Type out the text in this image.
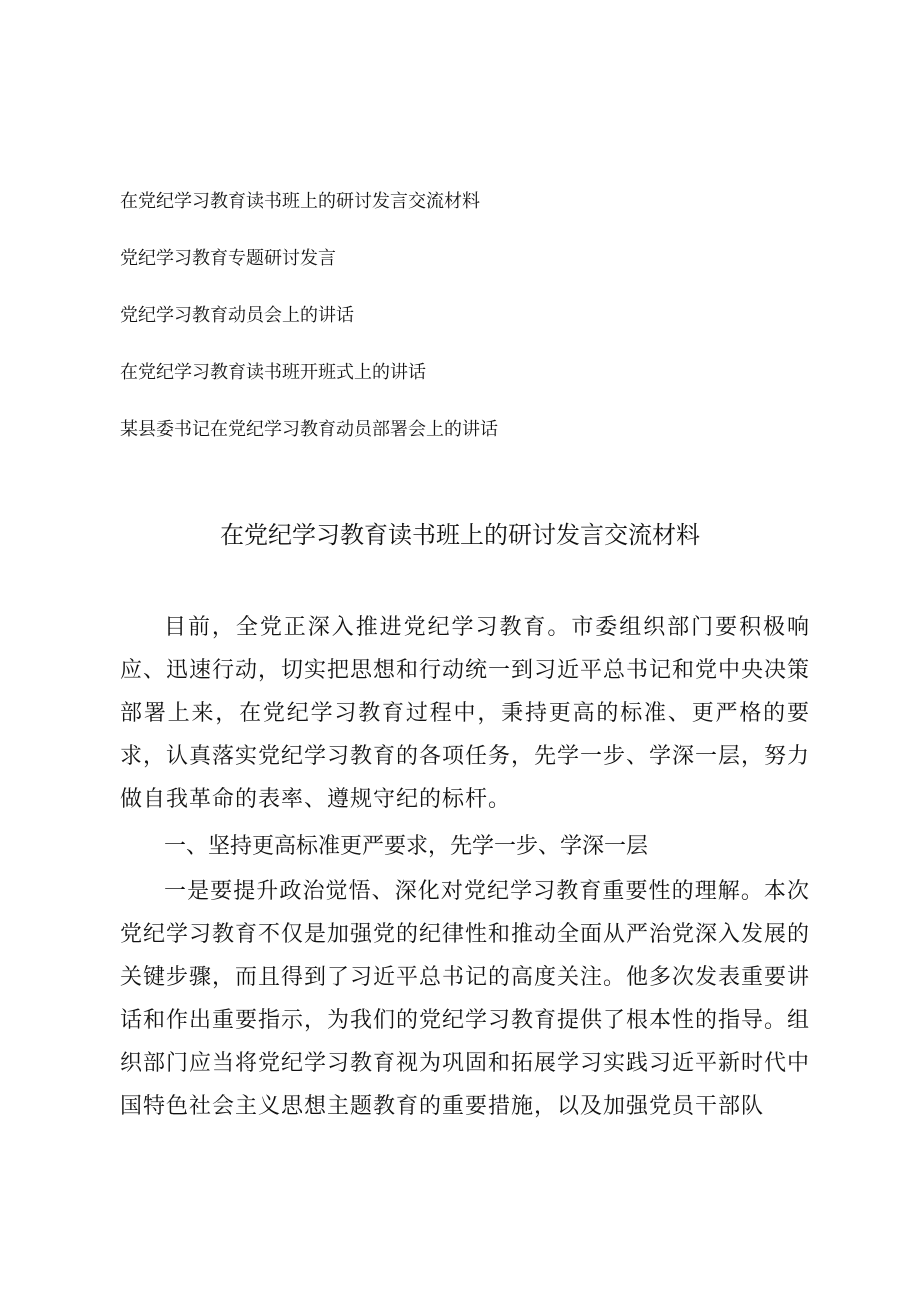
在党纪学习教育读书班上的研讨发言交流材料
党纪学习教育专题研讨发言
党纪学习教育动员会上的讲话
在党纪学习教育读书班开班式上的讲话
某县委书记在党纪学习教育动员部署会上的讲话
在党纪学习教育读书班上的研讨发言交流材料

目前，全党正深入推进党纪学习教育。市委组织部门要积极响应、迅速行动，切实把思想和行动统一到习近平总书记和党中央决策部署上来，在党纪学习教育过程中，秉持更高的标准、更严格的要求，认真落实党纪学习教育的各项任务，先学一步、学深一层，努力做自我革命的表率、遵规守纪的标杆。

一、坚持更高标准更严要求，先学一步、学深一层

一是要提升政治觉悟、深化对党纪学习教育重要性的理解。本次党纪学习教育不仅是加强党的纪律性和推动全面从严治党深入发展的关键步骤，而且得到了习近平总书记的高度关注。他多次发表重要讲话和作出重要指示，为我们的党纪学习教育提供了根本性的指导。组织部门应当将党纪学习教育视为巩固和拓展学习实践习近平新时代中国特色社会主义思想主题教育的重要措施，以及加强党员干部队
